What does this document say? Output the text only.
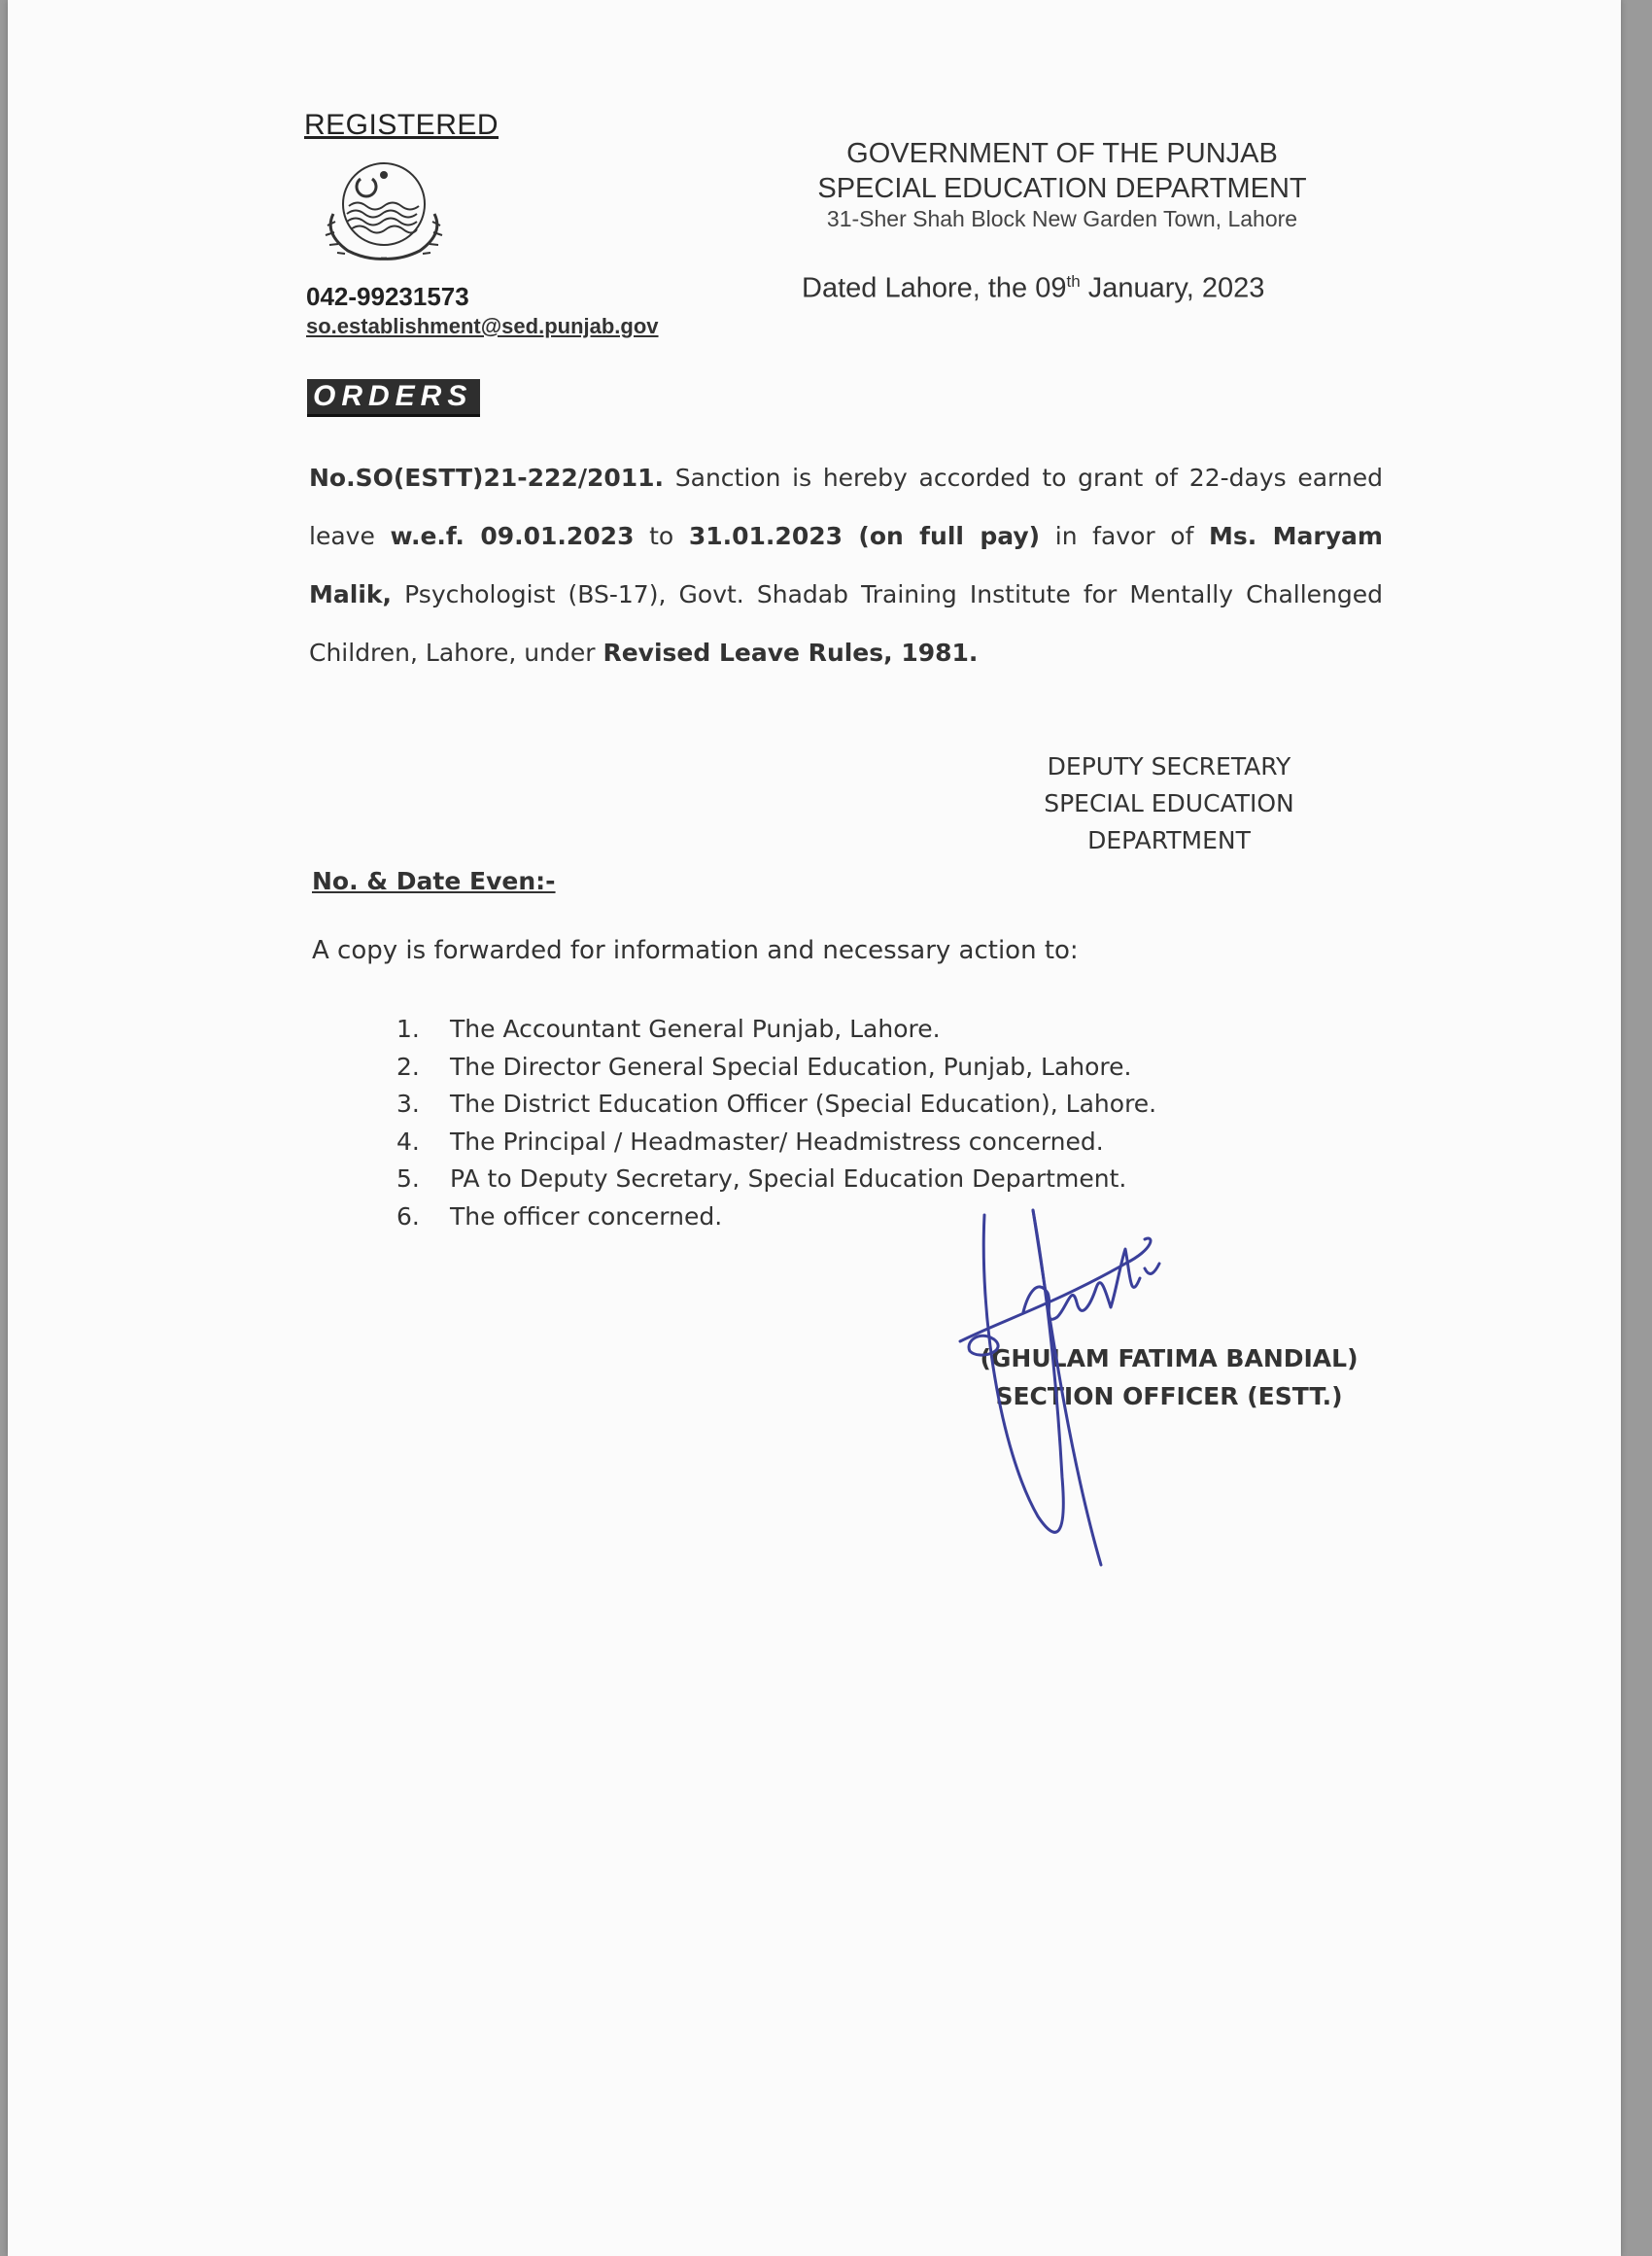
REGISTERED
042-99231573
so.establishment@sed.punjab.gov
GOVERNMENT OF THE PUNJAB
SPECIAL EDUCATION DEPARTMENT
31-Sher Shah Block New Garden Town, Lahore
Dated Lahore, the 09th January, 2023
ORDERS
No.SO(ESTT)21-222/2011. Sanction is hereby accorded to grant of 22-days earned leave w.e.f. 09.01.2023 to 31.01.2023 (on full pay) in favor of Ms. Maryam Malik, Psychologist (BS-17), Govt. Shadab Training Institute for Mentally Challenged Children, Lahore, under Revised Leave Rules, 1981.
DEPUTY SECRETARY
SPECIAL EDUCATION
DEPARTMENT
No. & Date Even:-
A copy is forwarded for information and necessary action to:
1. The Accountant General Punjab, Lahore.
2. The Director General Special Education, Punjab, Lahore.
3. The District Education Officer (Special Education), Lahore.
4. The Principal / Headmaster/ Headmistress concerned.
5. PA to Deputy Secretary, Special Education Department.
6. The officer concerned.
(GHULAM FATIMA BANDIAL)
SECTION OFFICER (ESTT.)
